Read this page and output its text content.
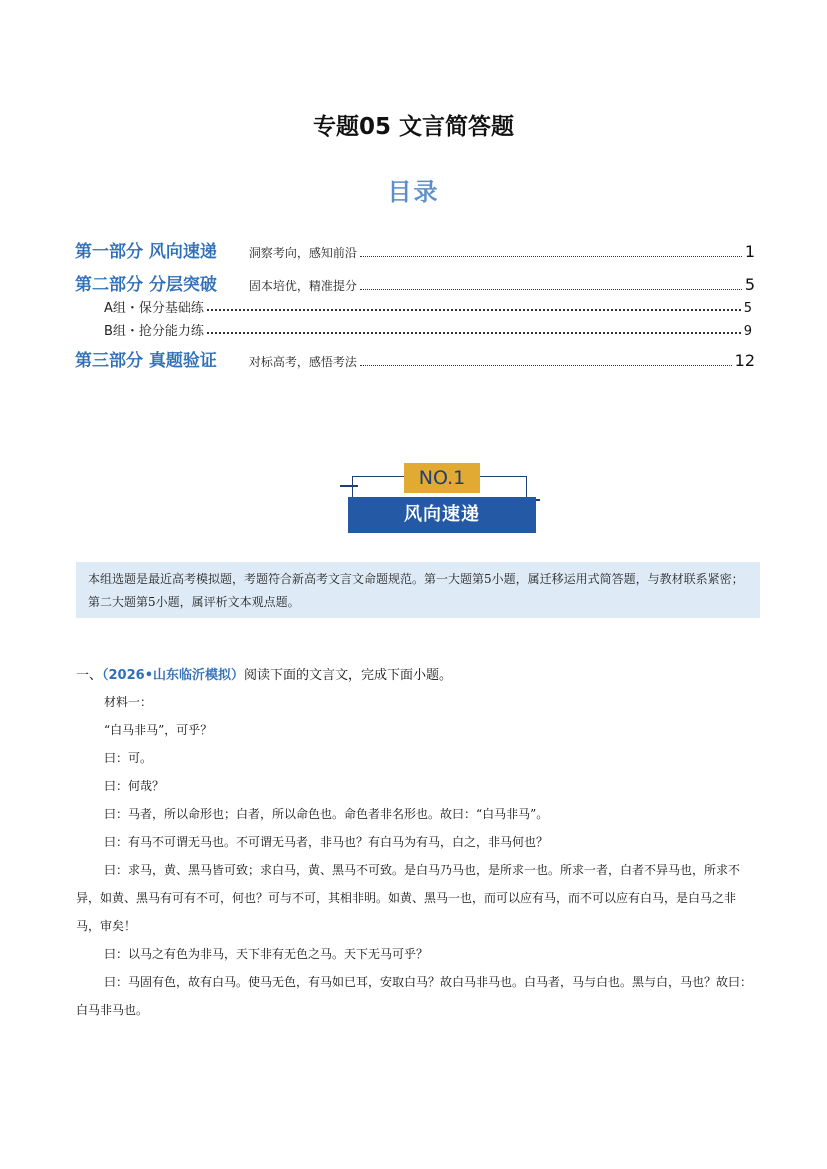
专题05 文言简答题
目录
第一部分 风向速递	洞察考向，感知前沿	1
第二部分 分层突破	固本培优，精准提分	5
A组・保分基础练	5
B组・抢分能力练	9
第三部分 真题验证	对标高考，感悟考法	12
NO.1
风向速递
本组选题是最近高考模拟题，考题符合新高考文言文命题规范。第一大题第5小题，属迁移运用式简答题，与教材联系紧密；第二大题第5小题，属评析文本观点题。
一、（2026•山东临沂模拟）阅读下面的文言文，完成下面小题。
材料一：
“白马非马”，可乎？
曰：可。
曰：何哉？
曰：马者，所以命形也；白者，所以命色也。命色者非名形也。故曰：“白马非马”。
曰：有马不可谓无马也。不可谓无马者，非马也？有白马为有马，白之，非马何也？
曰：求马，黄、黑马皆可致；求白马，黄、黑马不可致。是白马乃马也，是所求一也。所求一者，白者不异马也，所求不异，如黄、黑马有可有不可，何也？可与不可，其相非明。如黄、黑马一也，而可以应有马，而不可以应有白马，是白马之非马，审矣！
曰：以马之有色为非马，天下非有无色之马。天下无马可乎？
曰：马固有色，故有白马。使马无色，有马如已耳，安取白马？故白马非马也。白马者，马与白也。黑与白，马也？故曰：白马非马也。
